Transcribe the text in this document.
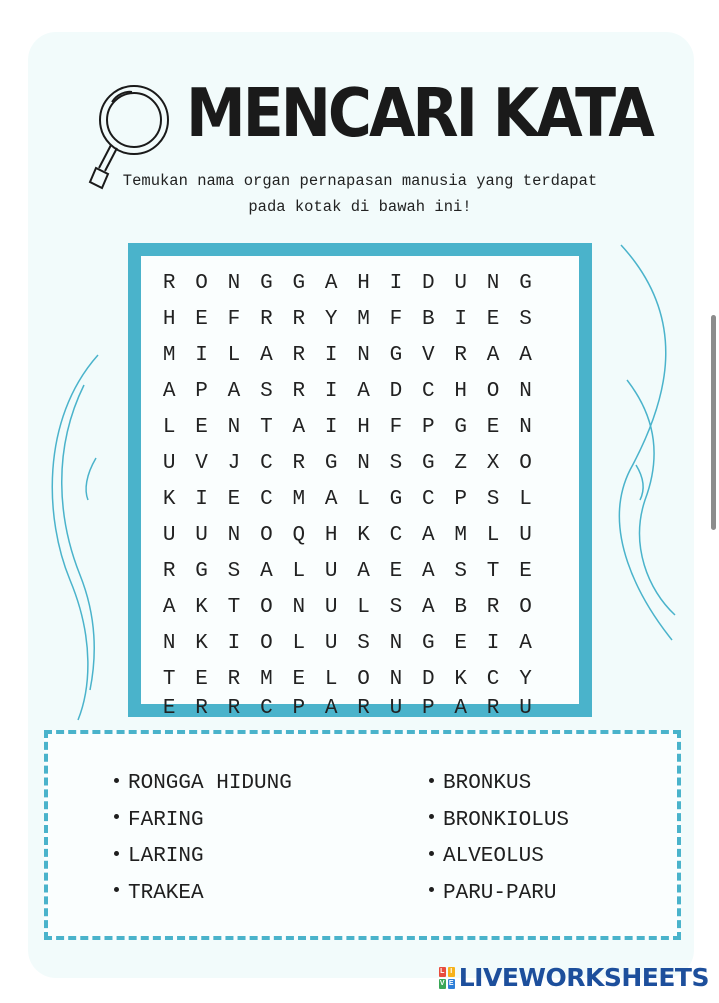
MENCARI KATA

Temukan nama organ pernapasan manusia yang terdapat pada kotak di bawah ini!

R O N G G A H I D U N G
H E F R R Y M F B I E S
M I L A R I N G V R A A
A P A S R I A D C H O N
L E N T A I H F P G E N
U V J C R G N S G Z X O
K I E C M A L G C P S L
U U N O Q H K C A M L U
R G S A L U A E A S T E
A K T O N U L S A B R O
N K I O L U S N G E I A
T E R M E L O N D K C Y
E R R C P A R U P A R U
RONGGA HIDUNG
FARING
LARING
TRAKEA
BRONKUS
BRONKIOLUS
ALVEOLUS
PARU-PARU
L I
V E LIVEWORKSHEETS
